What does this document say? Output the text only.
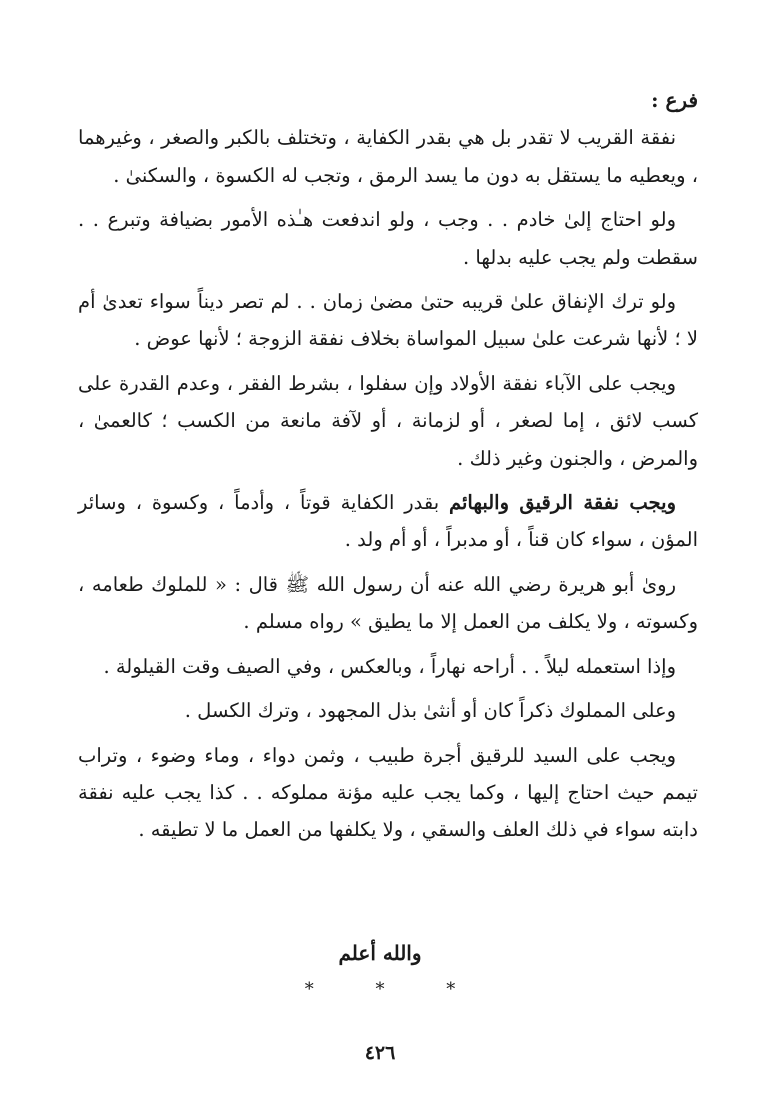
فرع :

نفقة القريب لا تقدر بل هي بقدر الكفاية ، وتختلف بالكبر والصغر ، وغيرهما ، ويعطيه ما يستقل به دون ما يسد الرمق ، وتجب له الكسوة ، والسكنىٰ .

ولو احتاج إلىٰ خادم . . وجب ، ولو اندفعت هـٰذه الأمور بضيافة وتبرع . . سقطت ولم يجب عليه بدلها .

ولو ترك الإنفاق علىٰ قريبه حتىٰ مضىٰ زمان . . لم تصر ديناً سواء تعدىٰ أم لا ؛ لأنها شرعت علىٰ سبيل المواساة بخلاف نفقة الزوجة ؛ لأنها عوض .

ويجب على الآباء نفقة الأولاد وإن سفلوا ، بشرط الفقر ، وعدم القدرة على كسب لائق ، إما لصغر ، أو لزمانة ، أو لآفة مانعة من الكسب ؛ كالعمىٰ ، والمرض ، والجنون وغير ذلك .

ويجب نفقة الرقيق والبهائم بقدر الكفاية قوتاً ، وأدماً ، وكسوة ، وسائر المؤن ، سواء كان قناً ، أو مدبراً ، أو أم ولد .

روىٰ أبو هريرة رضي الله عنه أن رسول الله ﷺ قال : « للملوك طعامه ، وكسوته ، ولا يكلف من العمل إلا ما يطيق » رواه مسلم .

وإذا استعمله ليلاً . . أراحه نهاراً ، وبالعكس ، وفي الصيف وقت القيلولة .

وعلى المملوك ذكراً كان أو أنثىٰ بذل المجهود ، وترك الكسل .

ويجب على السيد للرقيق أجرة طبيب ، وثمن دواء ، وماء وضوء ، وتراب تيمم حيث احتاج إليها ، وكما يجب عليه مؤنة مملوكه . . كذا يجب عليه نفقة دابته سواء في ذلك العلف والسقي ، ولا يكلفها من العمل ما لا تطيقه .

والله أعلم
* * *
٤٢٦
